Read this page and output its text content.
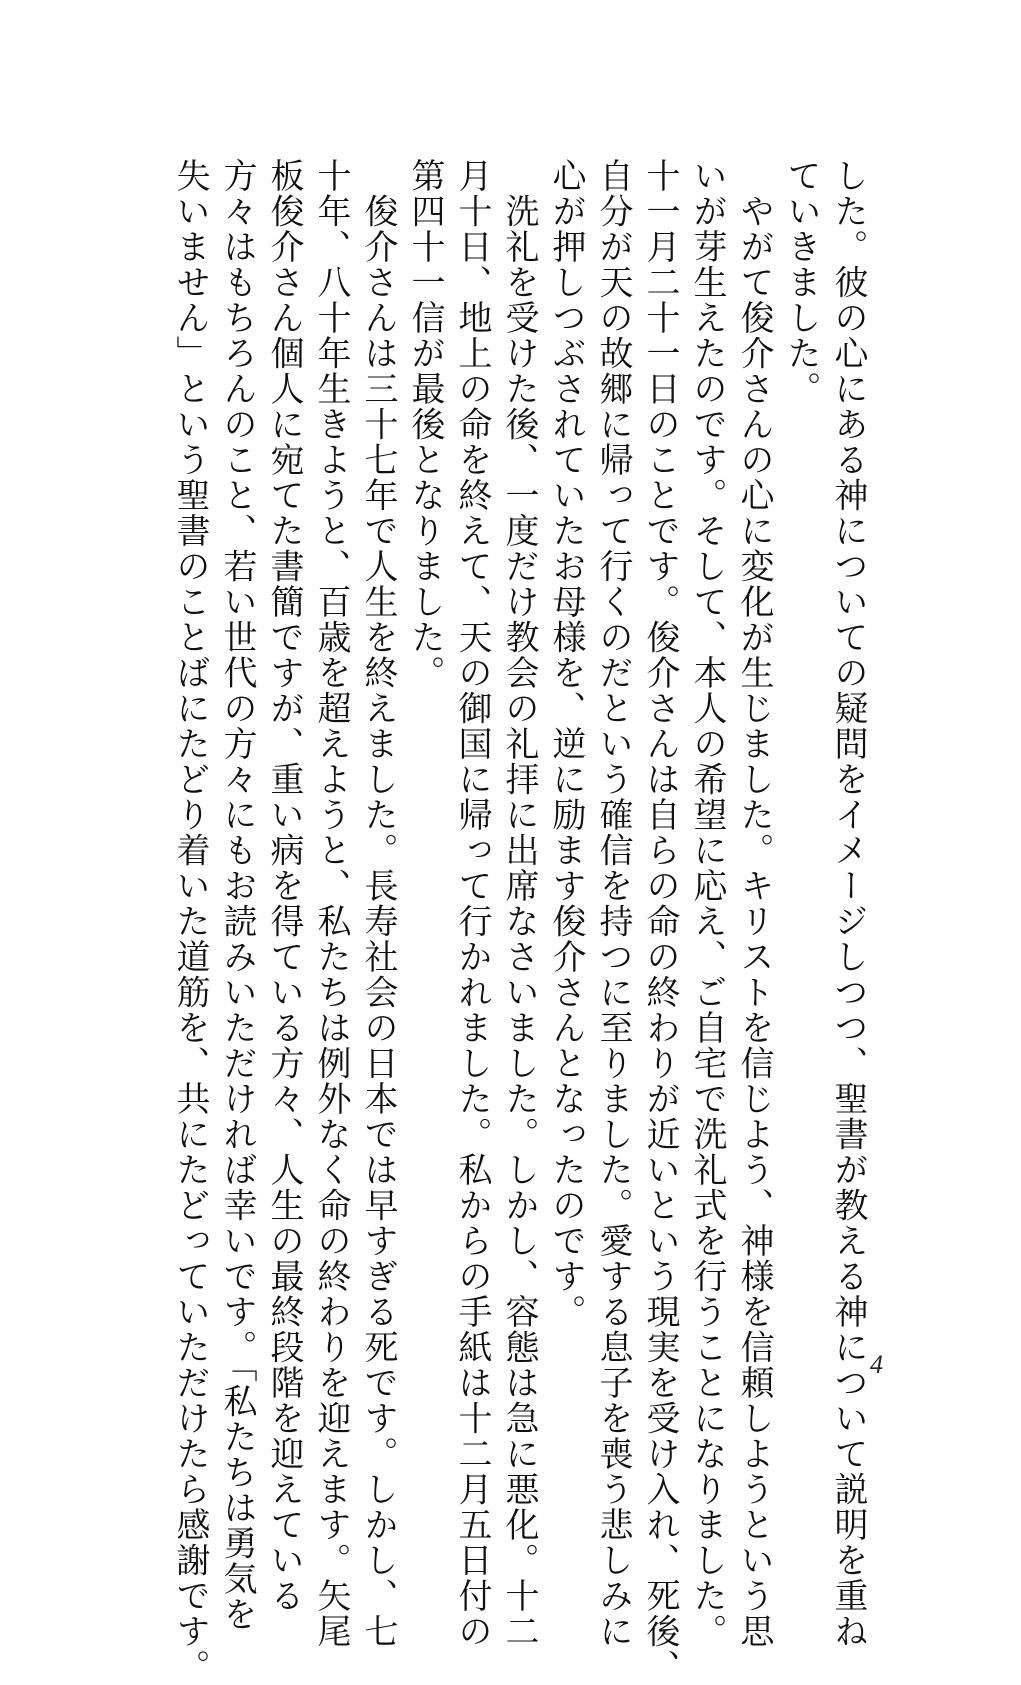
した。彼の心にある神についての疑問をイメージしつつ、聖書が教える神について説明を重ね
ていきました。
　やがて俊介さんの心に変化が生じました。キリストを信じよう、神様を信頼しようという思
いが芽生えたのです。そして、本人の希望に応え、ご自宅で洗礼式を行うことになりました。
十一月二十一日のことです。俊介さんは自らの命の終わりが近いという現実を受け入れ、死後、
自分が天の故郷に帰って行くのだという確信を持つに至りました。愛する息子を喪う悲しみに
心が押しつぶされていたお母様を、逆に励ます俊介さんとなったのです。
　洗礼を受けた後、一度だけ教会の礼拝に出席なさいました。しかし、容態は急に悪化。十二
月十日、地上の命を終えて、天の御国に帰って行かれました。私からの手紙は十二月五日付の
第四十一信が最後となりました。
　俊介さんは三十七年で人生を終えました。長寿社会の日本では早すぎる死です。しかし、七
十年、八十年生きようと、百歳を超えようと、私たちは例外なく命の終わりを迎えます。矢尾
板俊介さん個人に宛てた書簡ですが、重い病を得ている方々、人生の最終段階を迎えている
方々はもちろんのこと、若い世代の方々にもお読みいただければ幸いです。「私たちは勇気を
失いません」という聖書のことばにたどり着いた道筋を、共にたどっていただけたら感謝です。	4
